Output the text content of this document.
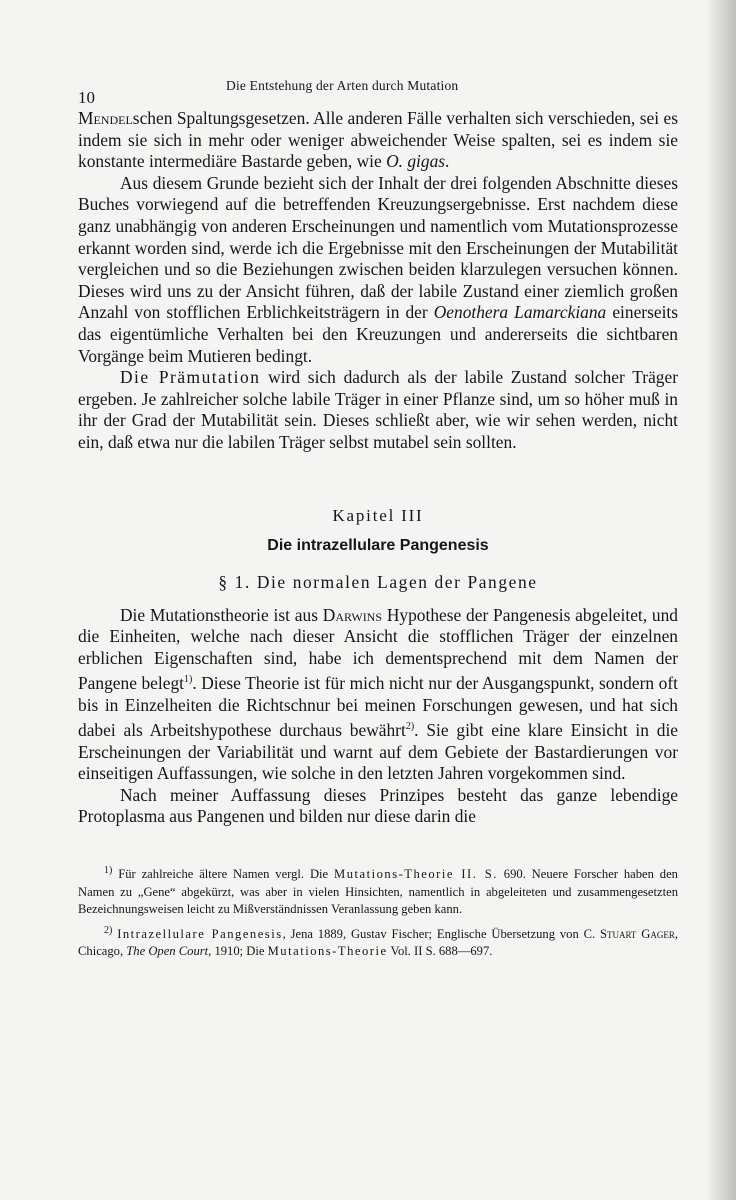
10
Die Entstehung der Arten durch Mutation

Mendelschen Spaltungsgesetzen. Alle anderen Fälle verhalten sich verschieden, sei es indem sie sich in mehr oder weniger abweichender Weise spalten, sei es indem sie konstante intermediäre Bastarde geben, wie O. gigas.

Aus diesem Grunde bezieht sich der Inhalt der drei folgenden Abschnitte dieses Buches vorwiegend auf die betreffenden Kreuzungsergebnisse. Erst nachdem diese ganz unabhängig von anderen Erscheinungen und namentlich vom Mutationsprozesse erkannt worden sind, werde ich die Ergebnisse mit den Erscheinungen der Mutabilität vergleichen und so die Beziehungen zwischen beiden klarzulegen versuchen können. Dieses wird uns zu der Ansicht führen, daß der labile Zustand einer ziemlich großen Anzahl von stofflichen Erblichkeitsträgern in der Oenothera Lamarckiana einerseits das eigentümliche Verhalten bei den Kreuzungen und andererseits die sichtbaren Vorgänge beim Mutieren bedingt.

Die Prämutation wird sich dadurch als der labile Zustand solcher Träger ergeben. Je zahlreicher solche labile Träger in einer Pflanze sind, um so höher muß in ihr der Grad der Mutabilität sein. Dieses schließt aber, wie wir sehen werden, nicht ein, daß etwa nur die labilen Träger selbst mutabel sein sollten.

Kapitel III

Die intrazellulare Pangenesis

§ 1. Die normalen Lagen der Pangene

Die Mutationstheorie ist aus Darwins Hypothese der Pangenesis abgeleitet, und die Einheiten, welche nach dieser Ansicht die stofflichen Träger der einzelnen erblichen Eigenschaften sind, habe ich dementsprechend mit dem Namen der Pangene belegt$^{1)}$. Diese Theorie ist für mich nicht nur der Ausgangspunkt, sondern oft bis in Einzelheiten die Richtschnur bei meinen Forschungen gewesen, und hat sich dabei als Arbeitshypothese durchaus bewährt$^{2)}$. Sie gibt eine klare Einsicht in die Erscheinungen der Variabilität und warnt auf dem Gebiete der Bastardierungen vor einseitigen Auffassungen, wie solche in den letzten Jahren vorgekommen sind.

Nach meiner Auffassung dieses Prinzipes besteht das ganze lebendige Protoplasma aus Pangenen und bilden nur diese darin die

$^{1)}$ Für zahlreiche ältere Namen vergl. Die Mutations-Theorie II. S. 690. Neuere Forscher haben den Namen zu „Gene“ abgekürzt, was aber in vielen Hinsichten, namentlich in abgeleiteten und zusammengesetzten Bezeichnungsweisen leicht zu Mißverständnissen Veranlassung geben kann.

$^{2)}$ Intrazellulare Pangenesis, Jena 1889, Gustav Fischer; Englische Übersetzung von C. Stuart Gager, Chicago, The Open Court, 1910; Die Mutations-Theorie Vol. II S. 688—697.
